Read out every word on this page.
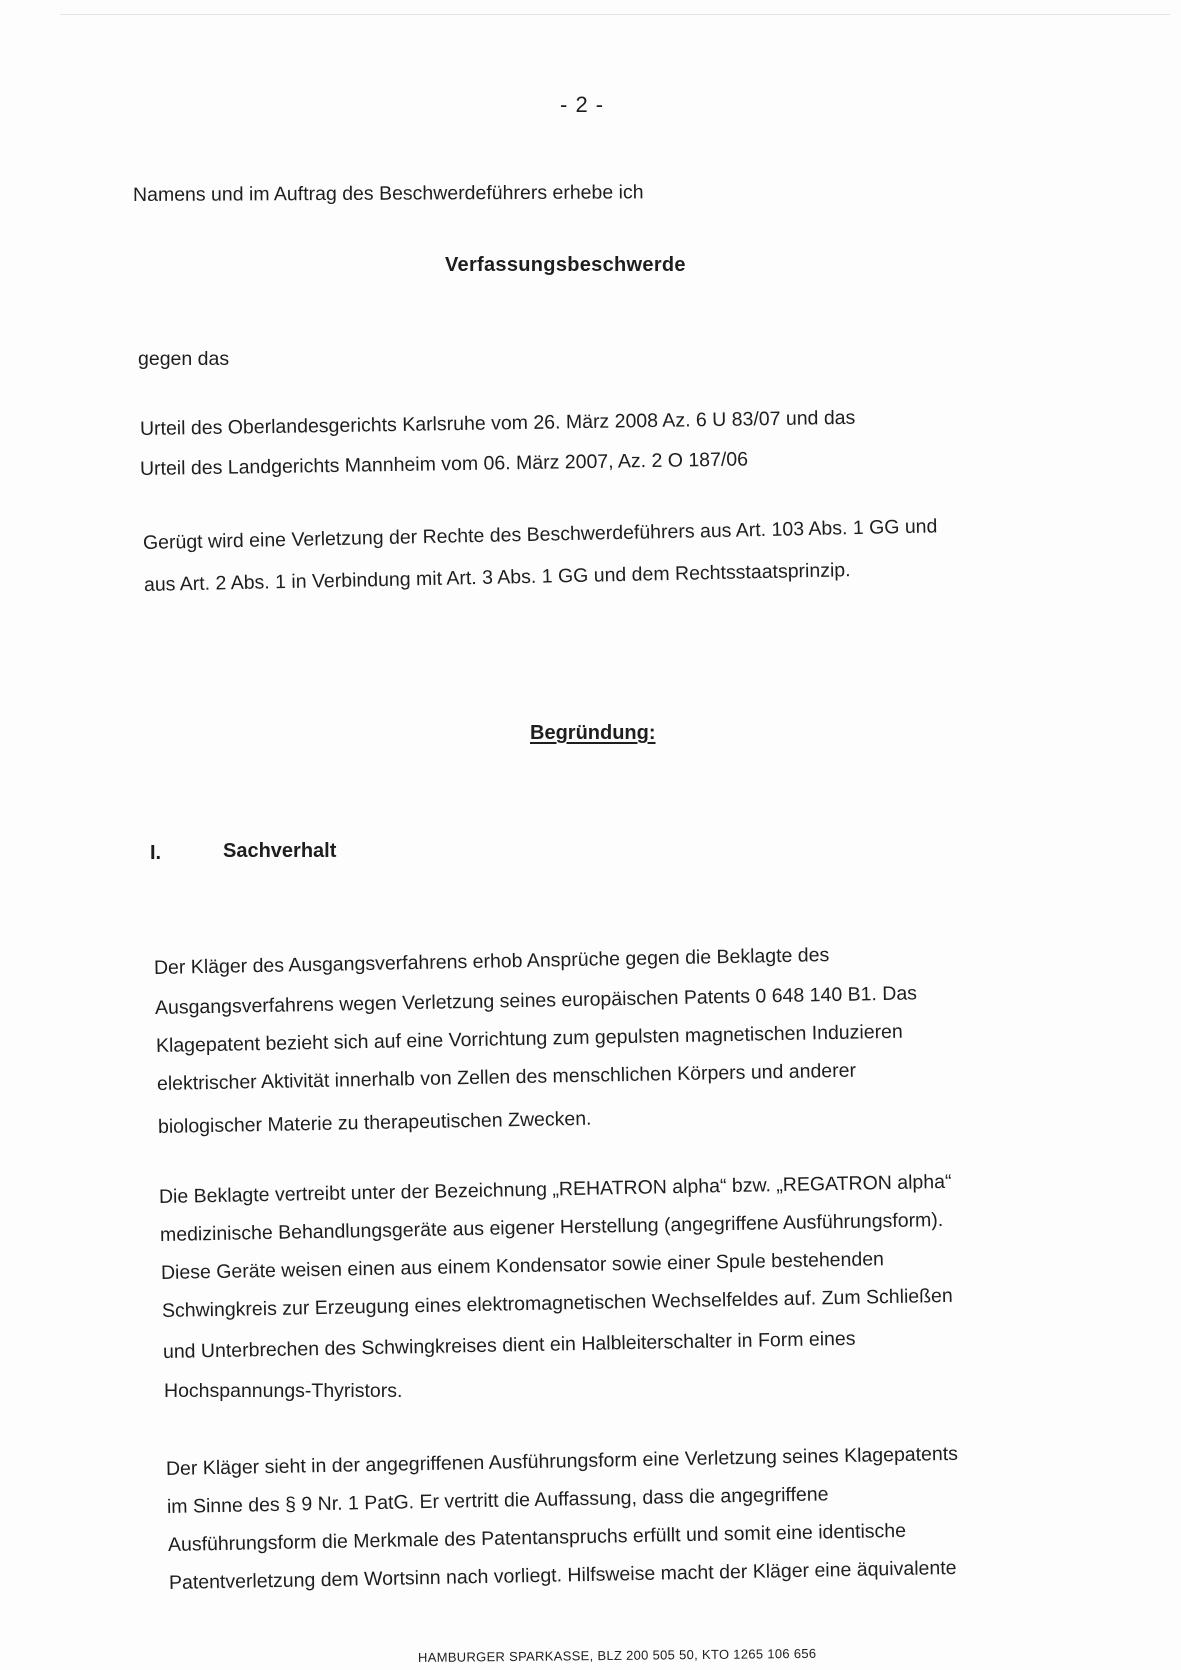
- 2 -
Namens und im Auftrag des Beschwerdeführers erhebe ich
Verfassungsbeschwerde
gegen das
Urteil des Oberlandesgerichts Karlsruhe vom 26. März 2008 Az. 6 U 83/07 und das
Urteil des Landgerichts Mannheim vom 06. März 2007, Az. 2 O 187/06
Gerügt wird eine Verletzung der Rechte des Beschwerdeführers aus Art. 103 Abs. 1 GG und
aus Art. 2 Abs. 1 in Verbindung mit Art. 3 Abs. 1 GG und dem Rechtsstaatsprinzip.
Begründung:
I.	Sachverhalt
Der Kläger des Ausgangsverfahrens erhob Ansprüche gegen die Beklagte des
Ausgangsverfahrens wegen Verletzung seines europäischen Patents 0 648 140 B1. Das
Klagepatent bezieht sich auf eine Vorrichtung zum gepulsten magnetischen Induzieren
elektrischer Aktivität innerhalb von Zellen des menschlichen Körpers und anderer
biologischer Materie zu therapeutischen Zwecken.
Die Beklagte vertreibt unter der Bezeichnung „REHATRON alpha“ bzw. „REGATRON alpha“
medizinische Behandlungsgeräte aus eigener Herstellung (angegriffene Ausführungsform).
Diese Geräte weisen einen aus einem Kondensator sowie einer Spule bestehenden
Schwingkreis zur Erzeugung eines elektromagnetischen Wechselfeldes auf. Zum Schließen
und Unterbrechen des Schwingkreises dient ein Halbleiterschalter in Form eines
Hochspannungs-Thyristors.
Der Kläger sieht in der angegriffenen Ausführungsform eine Verletzung seines Klagepatents
im Sinne des § 9 Nr. 1 PatG. Er vertritt die Auffassung, dass die angegriffene
Ausführungsform die Merkmale des Patentanspruchs erfüllt und somit eine identische
Patentverletzung dem Wortsinn nach vorliegt. Hilfsweise macht der Kläger eine äquivalente
HAMBURGER SPARKASSE, BLZ 200 505 50, KTO 1265 106 656
